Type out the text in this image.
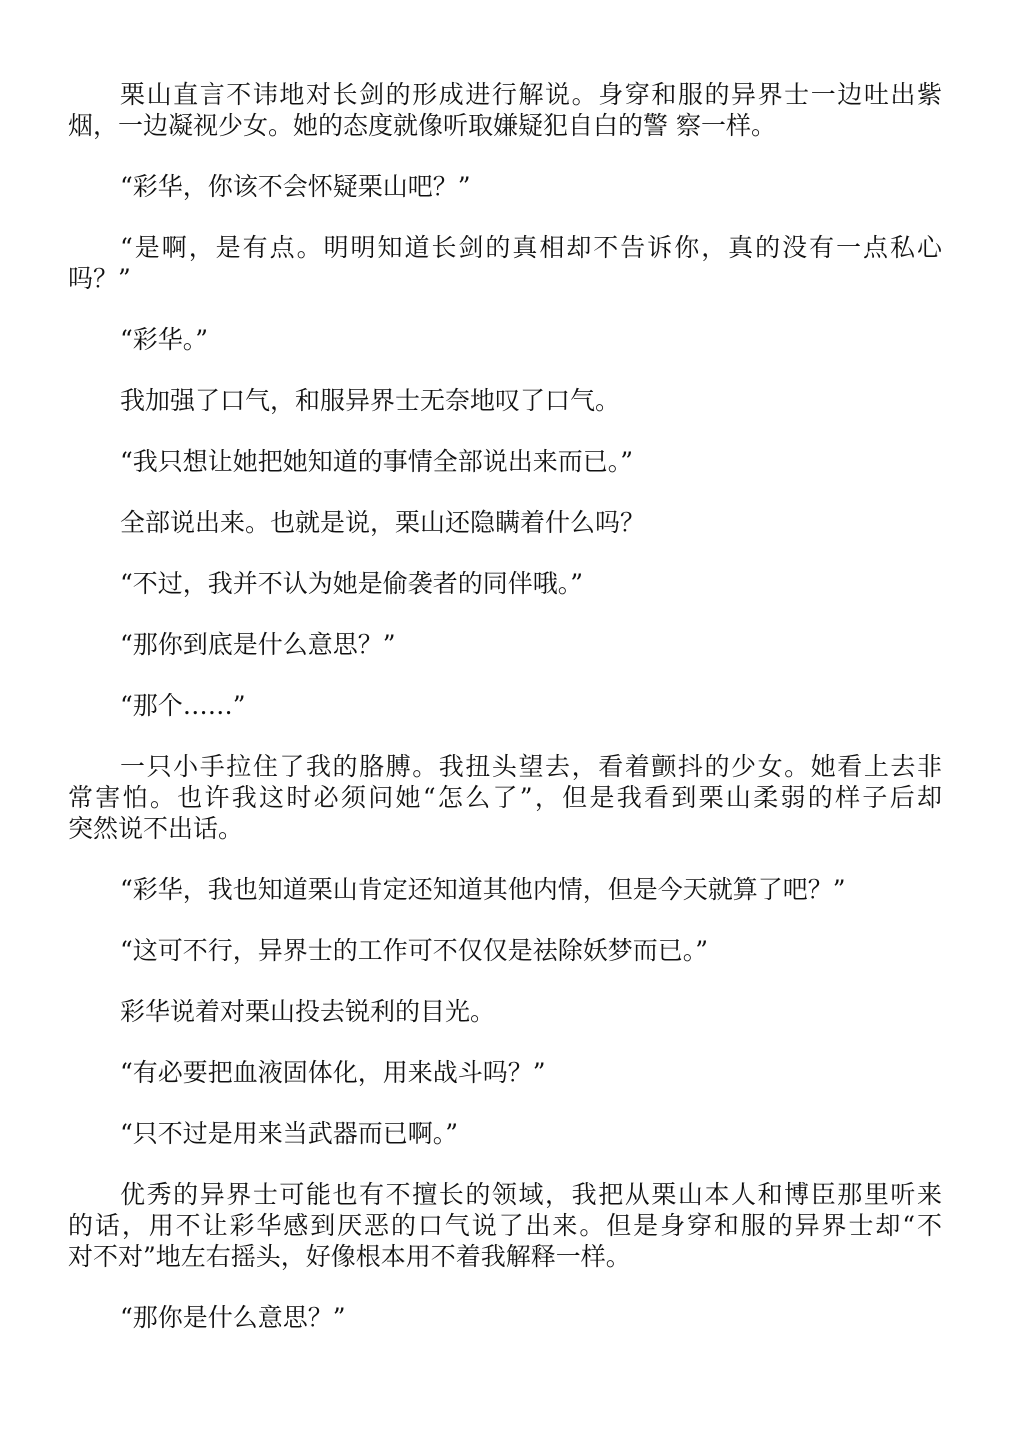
栗山直言不讳地对长剑的形成进行解说。身穿和服的异界士一边吐出紫
烟，一边凝视少女。她的态度就像听取嫌疑犯自白的警 察一样。
“彩华，你该不会怀疑栗山吧？”
“是啊，是有点。明明知道长剑的真相却不告诉你，真的没有一点私心
吗？”
“彩华。”
我加强了口气，和服异界士无奈地叹了口气。
“我只想让她把她知道的事情全部说出来而已。”
全部说出来。也就是说，栗山还隐瞒着什么吗？
“不过，我并不认为她是偷袭者的同伴哦。”
“那你到底是什么意思？”
“那个……”
一只小手拉住了我的胳膊。我扭头望去，看着颤抖的少女。她看上去非
常害怕。也许我这时必须问她“怎么了”，但是我看到栗山柔弱的样子后却
突然说不出话。
“彩华，我也知道栗山肯定还知道其他内情，但是今天就算了吧？”
“这可不行，异界士的工作可不仅仅是祛除妖梦而已。”
彩华说着对栗山投去锐利的目光。
“有必要把血液固体化，用来战斗吗？”
“只不过是用来当武器而已啊。”
优秀的异界士可能也有不擅长的领域，我把从栗山本人和博臣那里听来
的话，用不让彩华感到厌恶的口气说了出来。但是身穿和服的异界士却“不
对不对”地左右摇头，好像根本用不着我解释一样。
“那你是什么意思？”
